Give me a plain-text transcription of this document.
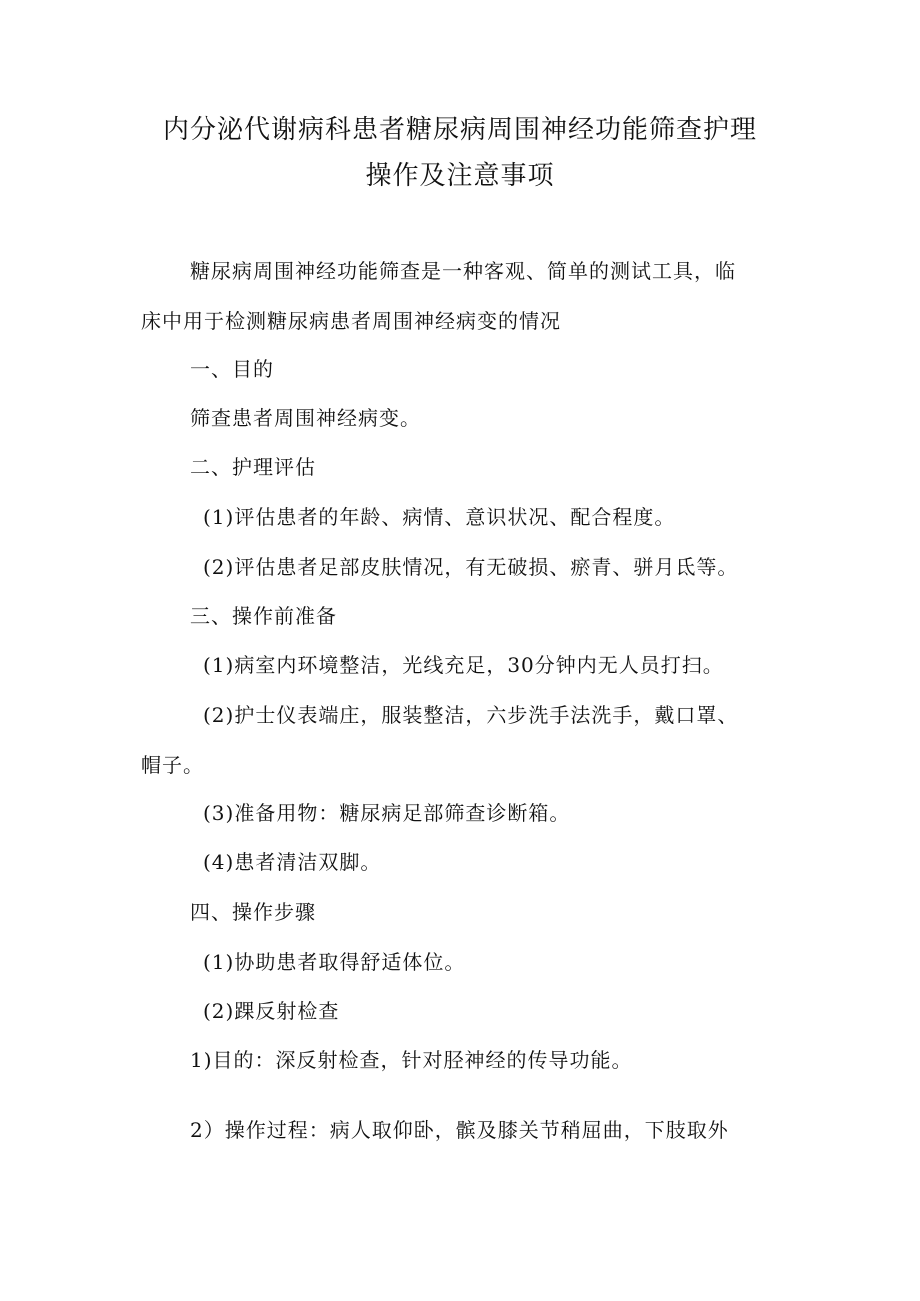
内分泌代谢病科患者糖尿病周围神经功能筛查护理
操作及注意事项
糖尿病周围神经功能筛查是一种客观、简单的测试工具，临
床中用于检测糖尿病患者周围神经病变的情况
一、目的
筛查患者周围神经病变。
二、护理评估
(1)评估患者的年龄、病情、意识状况、配合程度。
(2)评估患者足部皮肤情况，有无破损、瘀青、骈月氐等。
三、操作前准备
(1)病室内环境整洁，光线充足，30分钟内无人员打扫。
(2)护士仪表端庄，服装整洁，六步洗手法洗手，戴口罩、
帽子。
(3)准备用物：糖尿病足部筛查诊断箱。
(4)患者清洁双脚。
四、操作步骤
(1)协助患者取得舒适体位。
(2)踝反射检查
1)目的：深反射检查，针对胫神经的传导功能。
2）操作过程：病人取仰卧，髌及膝关节稍屈曲，下肢取外
